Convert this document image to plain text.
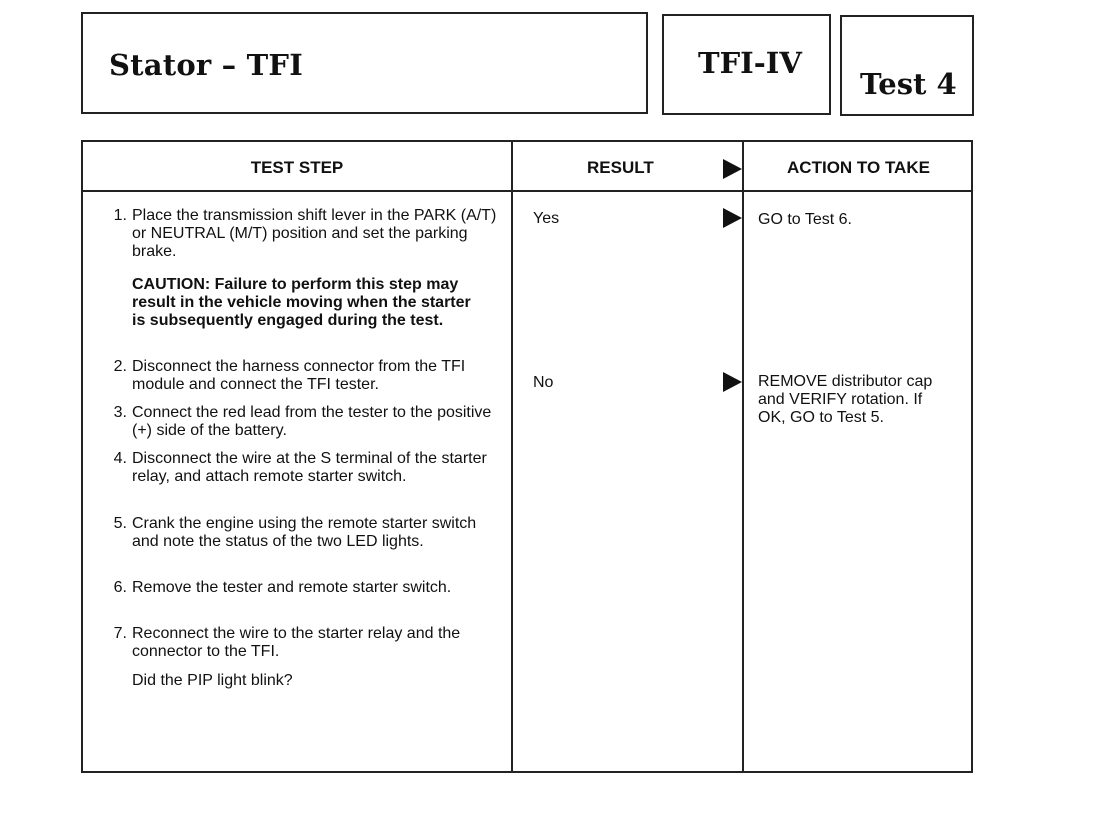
Stator – TFI	TFI-IV
Test 4
TEST STEP	RESULT	ACTION TO TAKE
1. Place the transmission shift lever in the PARK (A/T) or NEUTRAL (M/T) position and set the parking brake.
CAUTION: Failure to perform this step may result in the vehicle moving when the starter is subsequently engaged during the test.
2. Disconnect the harness connector from the TFI module and connect the TFI tester.
3. Connect the red lead from the tester to the positive (+) side of the battery.
4. Disconnect the wire at the S terminal of the starter relay, and attach remote starter switch.
5. Crank the engine using the remote starter switch and note the status of the two LED lights.
6. Remove the tester and remote starter switch.
7. Reconnect the wire to the starter relay and the connector to the TFI.
Did the PIP light blink?
Yes	GO to Test 6.
No	REMOVE distributor cap and VERIFY rotation. If OK, GO to Test 5.
